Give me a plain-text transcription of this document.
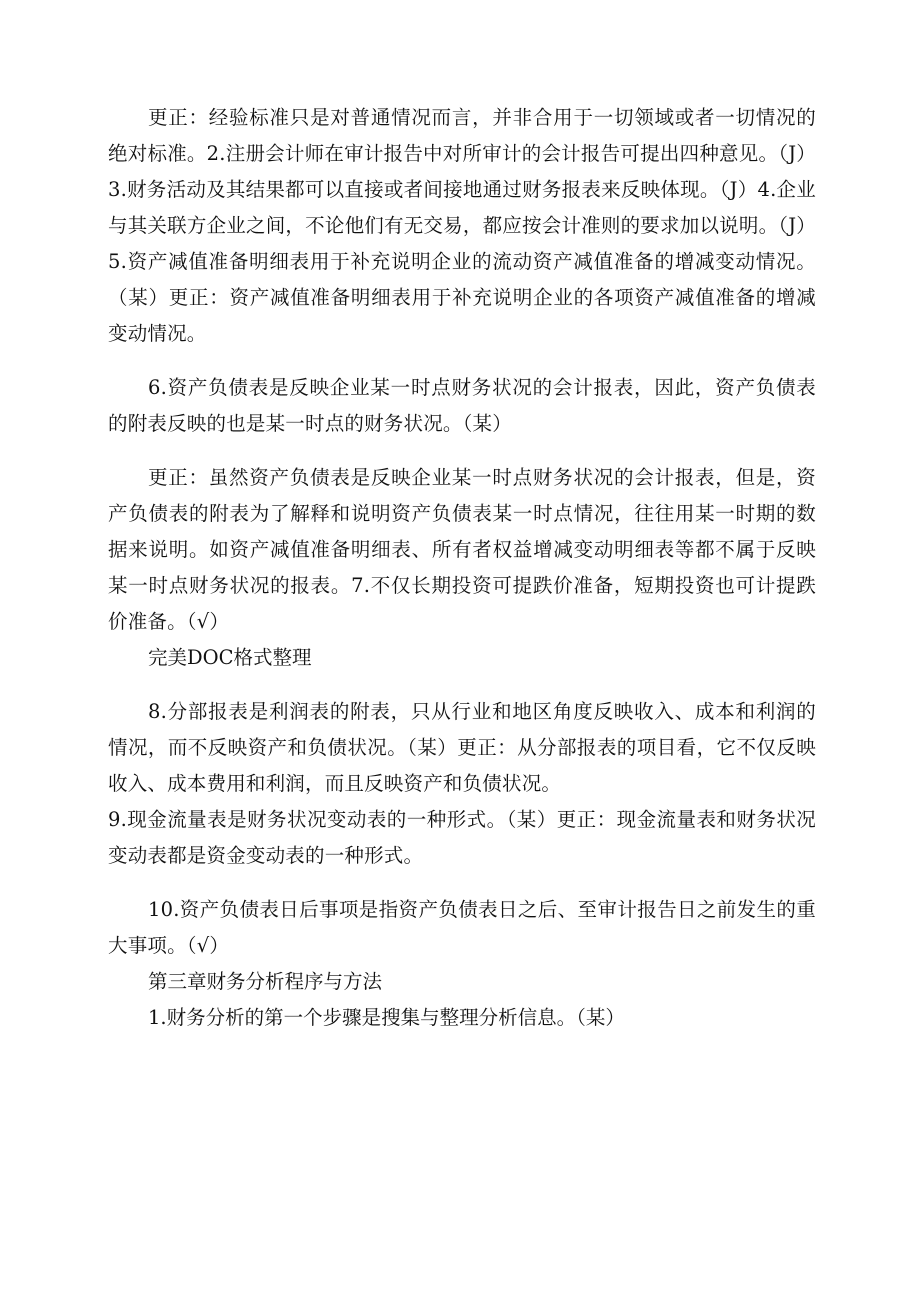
更正：经验标准只是对普通情况而言，并非合用于一切领域或者一切情况的绝对标准。2.注册会计师在审计报告中对所审计的会计报告可提出四种意见。（J）3.财务活动及其结果都可以直接或者间接地通过财务报表来反映体现。（J）4.企业与其关联方企业之间，不论他们有无交易，都应按会计准则的要求加以说明。（J）5.资产减值准备明细表用于补充说明企业的流动资产减值准备的增减变动情况。（某）更正：资产减值准备明细表用于补充说明企业的各项资产减值准备的增减变动情况。

6.资产负债表是反映企业某一时点财务状况的会计报表，因此，资产负债表的附表反映的也是某一时点的财务状况。（某）

更正：虽然资产负债表是反映企业某一时点财务状况的会计报表，但是，资产负债表的附表为了解释和说明资产负债表某一时点情况，往往用某一时期的数据来说明。如资产减值准备明细表、所有者权益增减变动明细表等都不属于反映某一时点财务状况的报表。7.不仅长期投资可提跌价准备，短期投资也可计提跌价准备。（√）

完美DOC格式整理

8.分部报表是利润表的附表，只从行业和地区角度反映收入、成本和利润的情况，而不反映资产和负债状况。（某）更正：从分部报表的项目看，它不仅反映收入、成本费用和利润，而且反映资产和负债状况。

9.现金流量表是财务状况变动表的一种形式。（某）更正：现金流量表和财务状况变动表都是资金变动表的一种形式。

10.资产负债表日后事项是指资产负债表日之后、至审计报告日之前发生的重大事项。（√）

第三章财务分析程序与方法

1.财务分析的第一个步骤是搜集与整理分析信息。（某）
